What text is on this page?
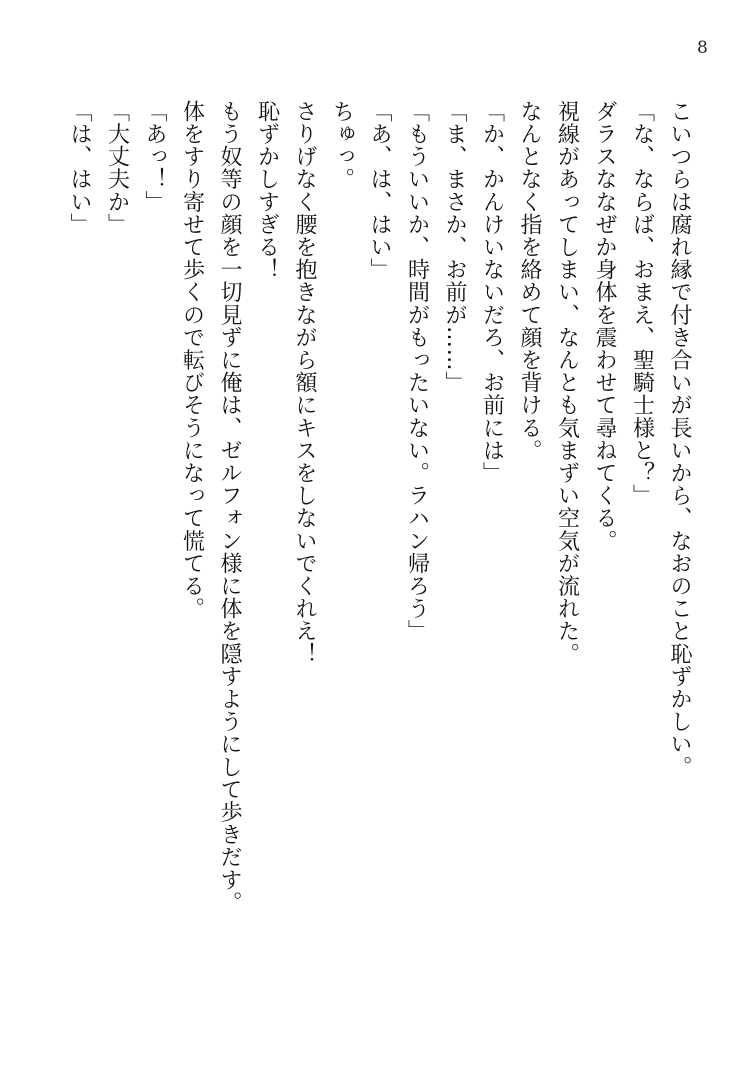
8
こいつらは腐れ縁で付き合いが長いから、なおのこと恥ずかしい。
「な、ならば、おまえ、聖騎士様と？」
ダラスななぜか身体を震わせて尋ねてくる。
視線があってしまい、なんとも気まずい空気が流れた。
なんとなく指を絡めて顔を背ける。
「か、かんけいないだろ、お前には」
「ま、まさか、お前が……」
「もういいか、時間がもったいない。ラハン帰ろう」
「あ、は、はい」
ちゅっ。
さりげなく腰を抱きながら額にキスをしないでくれえ！
恥ずかしすぎる！
もう奴等の顔を一切見ずに俺は、ゼルフォン様に体を隠すようにして歩きだす。
体をすり寄せて歩くので転びそうになって慌てる。
「あっ！」
「大丈夫か」
「は、はい」
